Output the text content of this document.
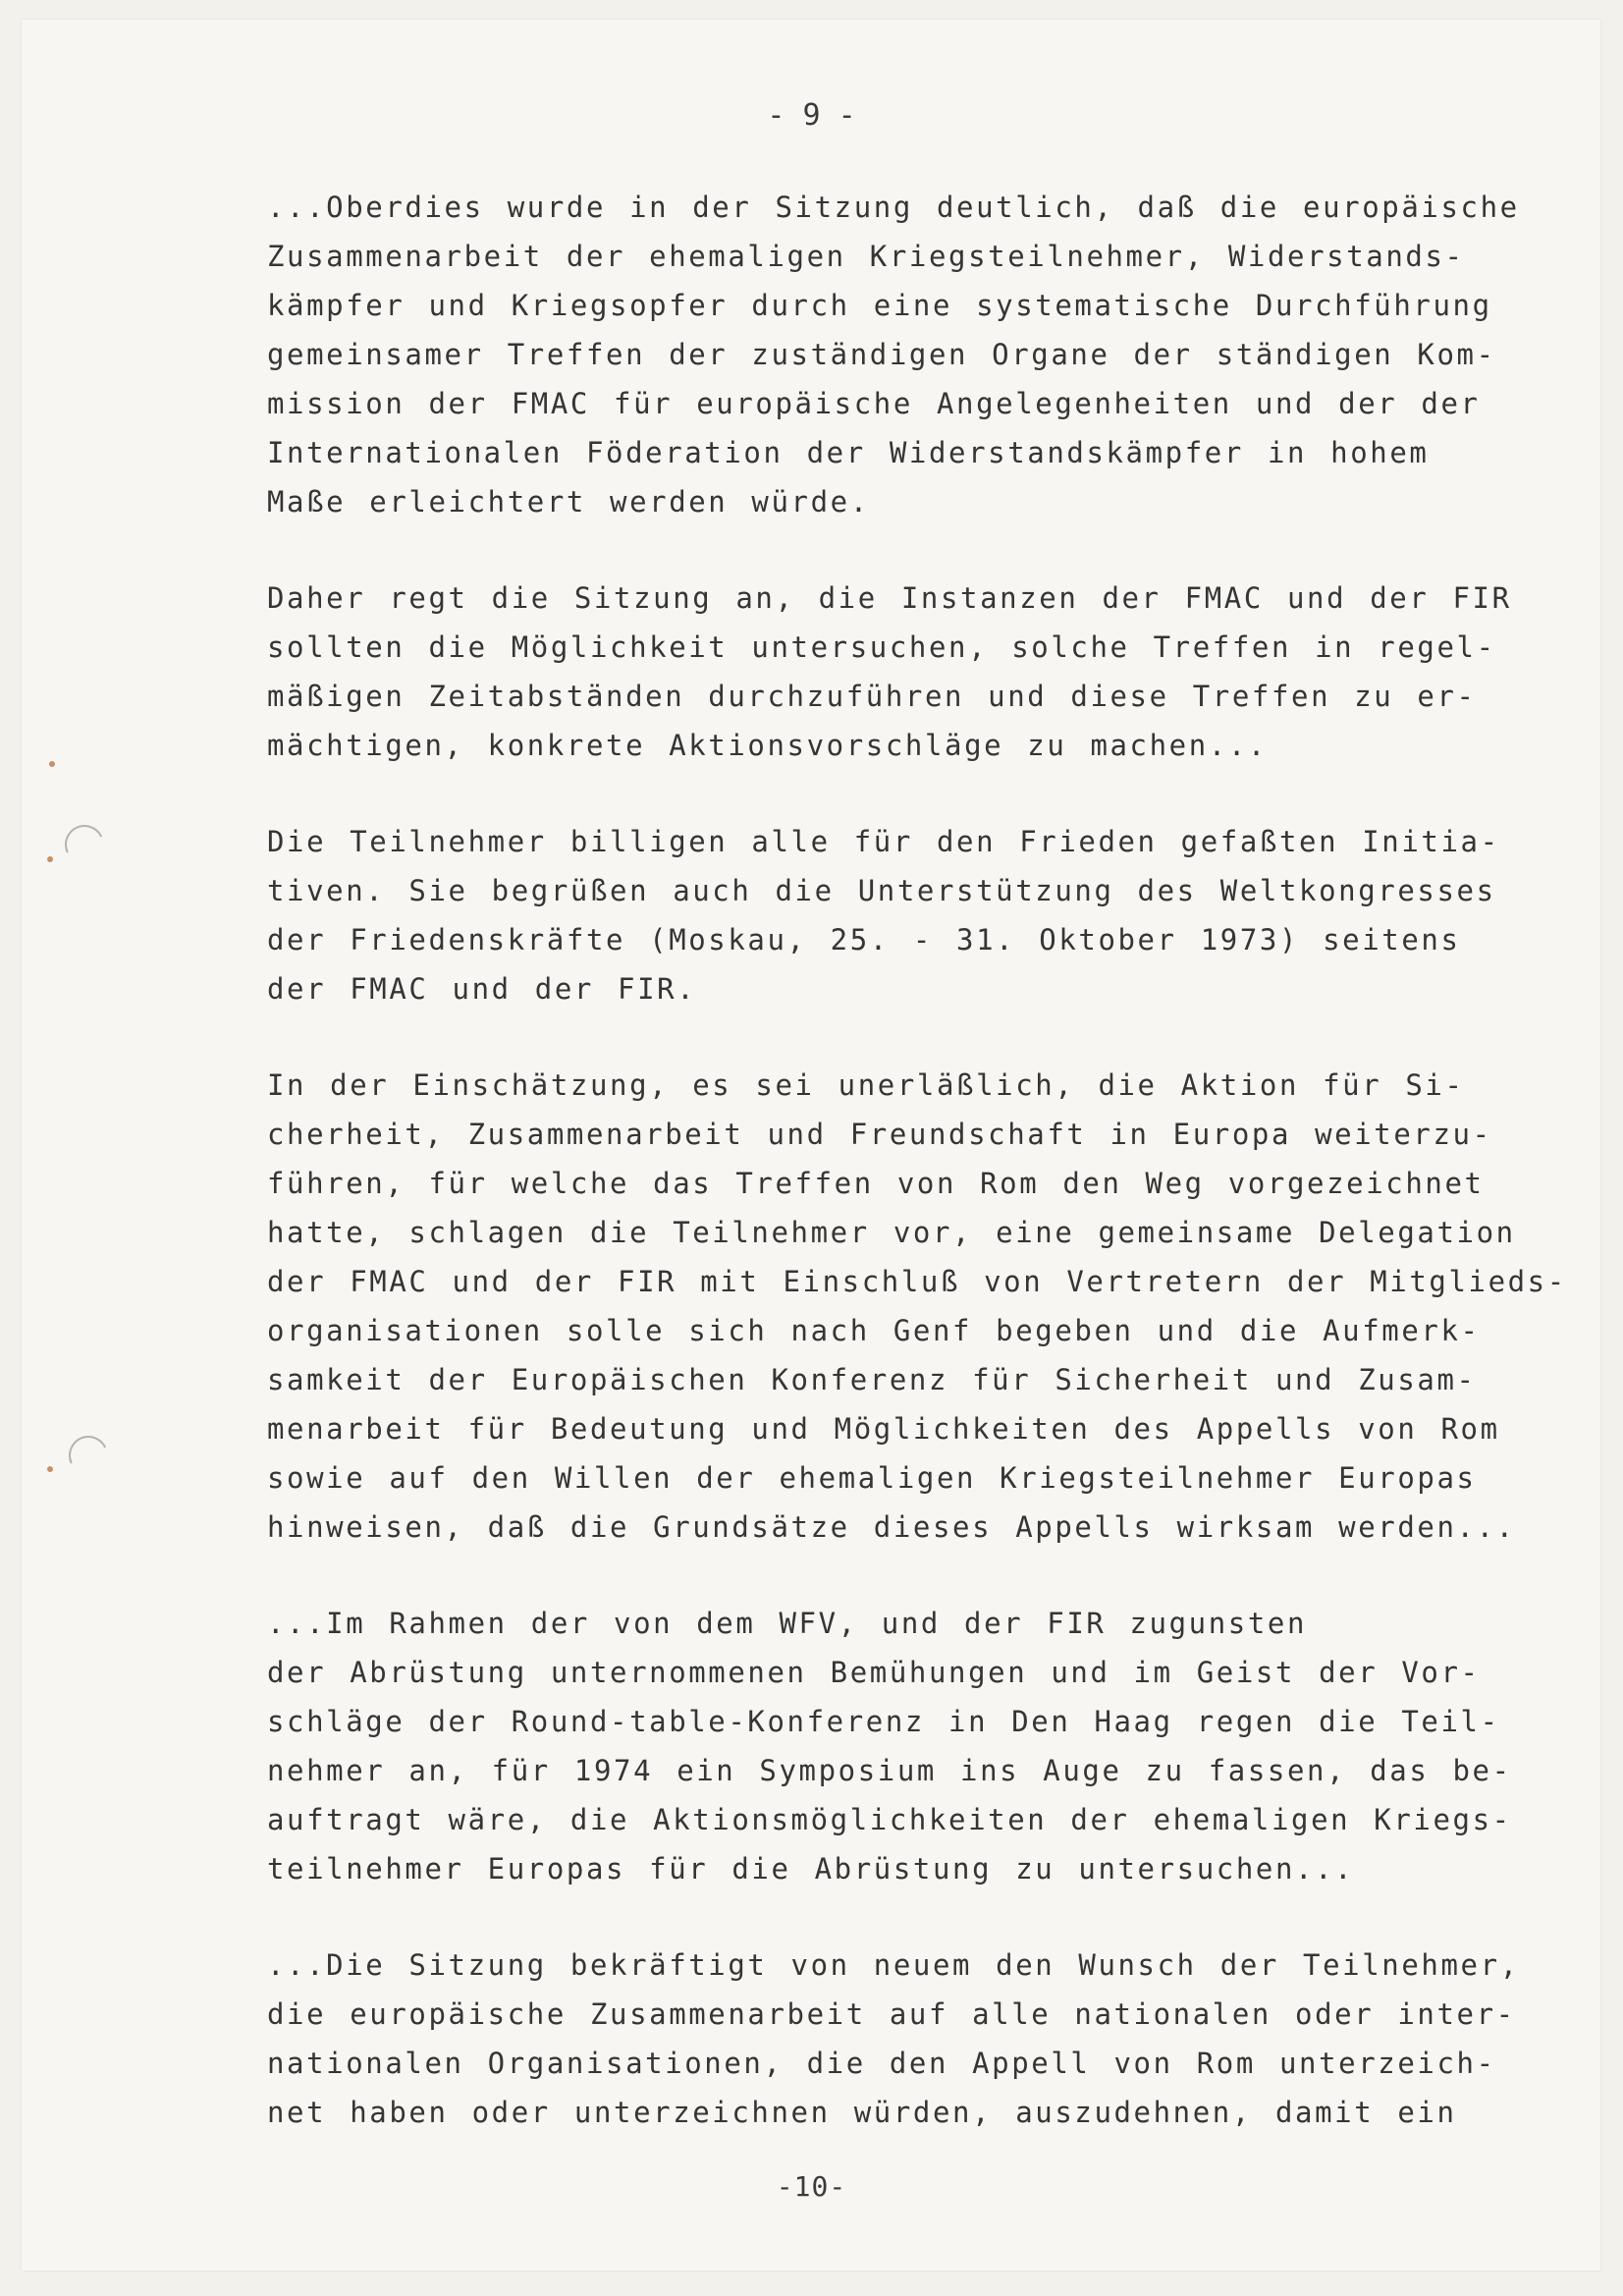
- 9 -
...Oberdies wurde in der Sitzung deutlich, daß die europäische
Zusammenarbeit der ehemaligen Kriegsteilnehmer, Widerstands-
kämpfer und Kriegsopfer durch eine systematische Durchführung
gemeinsamer Treffen der zuständigen Organe der ständigen Kom-
mission der FMAC für europäische Angelegenheiten und der der
Internationalen Föderation der Widerstandskämpfer in hohem
Maße erleichtert werden würde.
Daher regt die Sitzung an, die Instanzen der FMAC und der FIR
sollten die Möglichkeit untersuchen, solche Treffen in regel-
mäßigen Zeitabständen durchzuführen und diese Treffen zu er-
mächtigen, konkrete Aktionsvorschläge zu machen...
Die Teilnehmer billigen alle für den Frieden gefaßten Initia-
tiven. Sie begrüßen auch die Unterstützung des Weltkongresses
der Friedenskräfte (Moskau, 25. - 31. Oktober 1973) seitens
der FMAC und der FIR.
In der Einschätzung, es sei unerläßlich, die Aktion für Si-
cherheit, Zusammenarbeit und Freundschaft in Europa weiterzu-
führen, für welche das Treffen von Rom den Weg vorgezeichnet
hatte, schlagen die Teilnehmer vor, eine gemeinsame Delegation
der FMAC und der FIR mit Einschluß von Vertretern der Mitglieds-
organisationen solle sich nach Genf begeben und die Aufmerk-
samkeit der Europäischen Konferenz für Sicherheit und Zusam-
menarbeit für Bedeutung und Möglichkeiten des Appells von Rom
sowie auf den Willen der ehemaligen Kriegsteilnehmer Europas
hinweisen, daß die Grundsätze dieses Appells wirksam werden...
...Im Rahmen der von dem WFV, und der FIR zugunsten
der Abrüstung unternommenen Bemühungen und im Geist der Vor-
schläge der Round-table-Konferenz in Den Haag regen die Teil-
nehmer an, für 1974 ein Symposium ins Auge zu fassen, das be-
auftragt wäre, die Aktionsmöglichkeiten der ehemaligen Kriegs-
teilnehmer Europas für die Abrüstung zu untersuchen...
...Die Sitzung bekräftigt von neuem den Wunsch der Teilnehmer,
die europäische Zusammenarbeit auf alle nationalen oder inter-
nationalen Organisationen, die den Appell von Rom unterzeich-
net haben oder unterzeichnen würden, auszudehnen, damit ein
-10-
